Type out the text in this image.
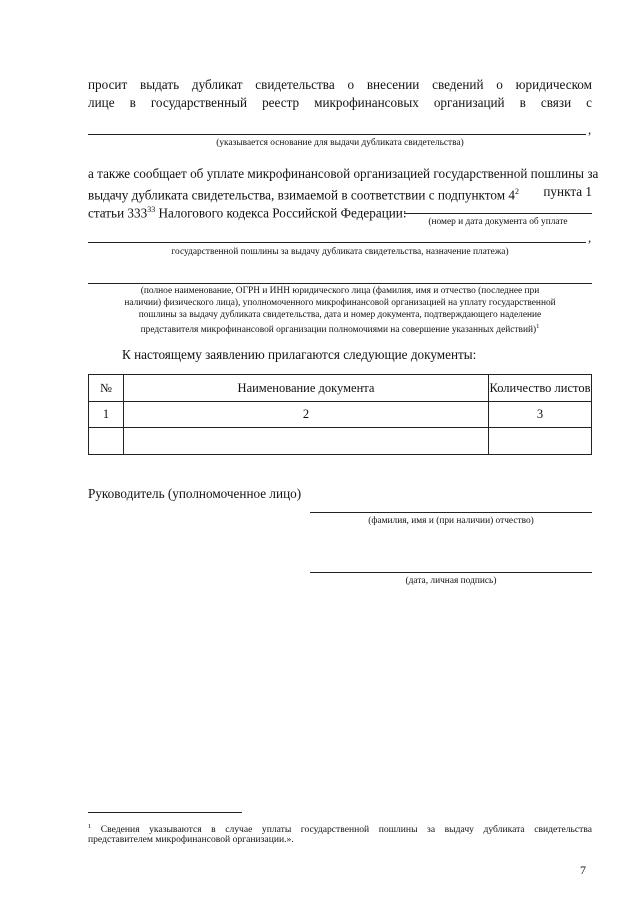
просит выдать дубликат свидетельства о внесении сведений о юридическом
лице в государственный реестр микрофинансовых организаций в связи с
,
(указывается основание для выдачи дубликата свидетельства)
а также сообщает об уплате микрофинансовой организацией государственной пошлины за
выдачу дубликата свидетельства, взимаемой в соответствии с подпунктом $4^2$ пункта 1
статьи $333^{33}$ Налогового кодекса Российской Федерации:
(номер и дата документа об уплате
,
государственной пошлины за выдачу дубликата свидетельства, назначение платежа)
(полное наименование, ОГРН и ИНН юридического лица (фамилия, имя и отчество (последнее при
наличии) физического лица), уполномоченного микрофинансовой организацией на уплату государственной
пошлины за выдачу дубликата свидетельства, дата и номер документа, подтверждающего наделение
представителя микрофинансовой организации полномочиями на совершение указанных действий)$^1$
К настоящему заявлению прилагаются следующие документы:
№	Наименование документа	Количество листов
1	2	3

Руководитель (уполномоченное лицо)
(фамилия, имя и (при наличии) отчество)
(дата, личная подпись)
$^1$ Сведения указываются в случае уплаты государственной пошлины за выдачу дубликата свидетельства
представителем микрофинансовой организации.».
7
